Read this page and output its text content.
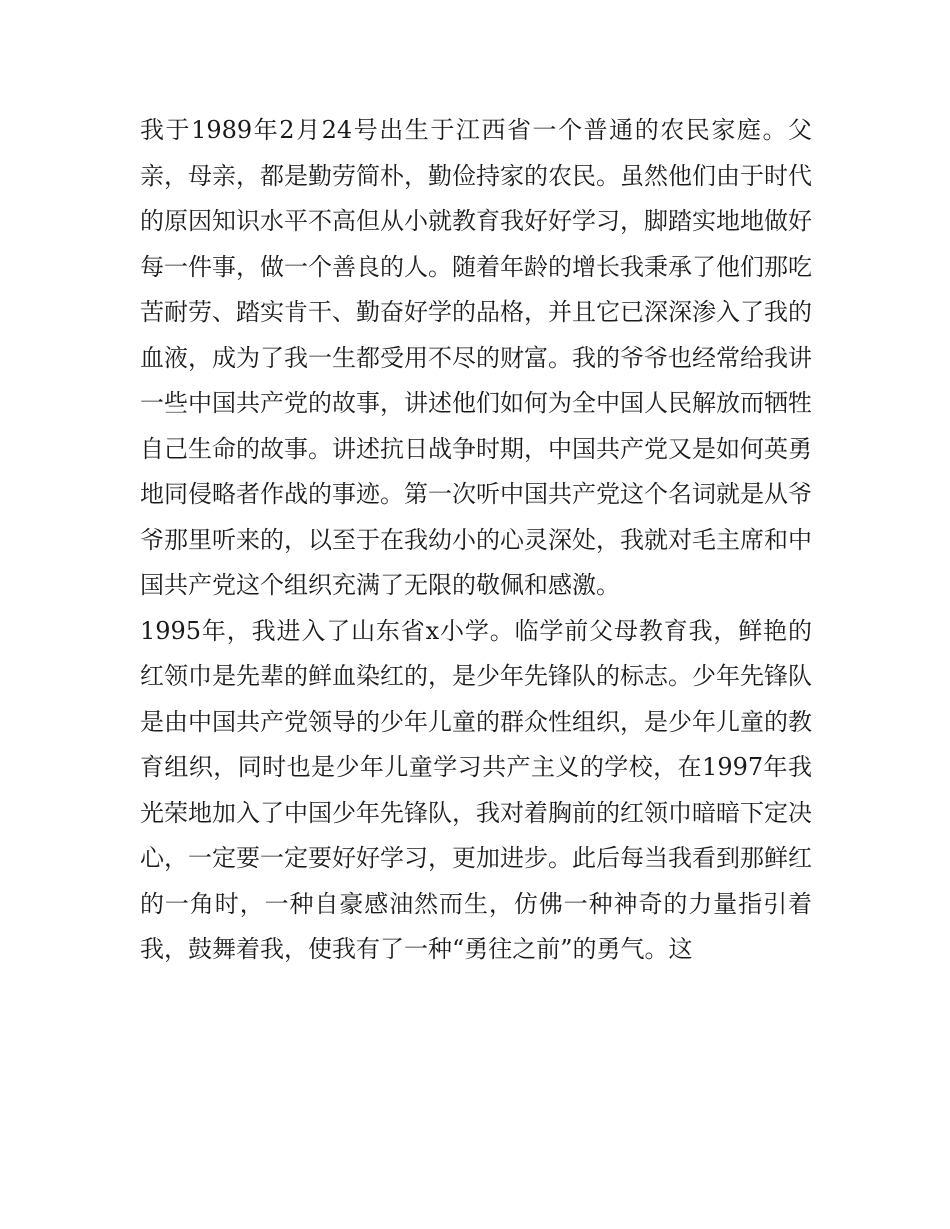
我于1989年2月24号出生于江西省一个普通的农民家庭。父亲，母亲，都是勤劳简朴，勤俭持家的农民。虽然他们由于时代的原因知识水平不高但从小就教育我好好学习，脚踏实地地做好每一件事，做一个善良的人。随着年龄的增长我秉承了他们那吃苦耐劳、踏实肯干、勤奋好学的品格，并且它已深深渗入了我的血液，成为了我一生都受用不尽的财富。我的爷爷也经常给我讲一些中国共产党的故事，讲述他们如何为全中国人民解放而牺牲自己生命的故事。讲述抗日战争时期，中国共产党又是如何英勇地同侵略者作战的事迹。第一次听中国共产党这个名词就是从爷爷那里听来的，以至于在我幼小的心灵深处，我就对毛主席和中国共产党这个组织充满了无限的敬佩和感激。

1995年，我进入了山东省x小学。临学前父母教育我，鲜艳的红领巾是先辈的鲜血染红的，是少年先锋队的标志。少年先锋队是由中国共产党领导的少年儿童的群众性组织，是少年儿童的教育组织，同时也是少年儿童学习共产主义的学校，在1997年我光荣地加入了中国少年先锋队，我对着胸前的红领巾暗暗下定决心，一定要一定要好好学习，更加进步。此后每当我看到那鲜红的一角时，一种自豪感油然而生，仿佛一种神奇的力量指引着我，鼓舞着我，使我有了一种“勇往之前”的勇气。这
